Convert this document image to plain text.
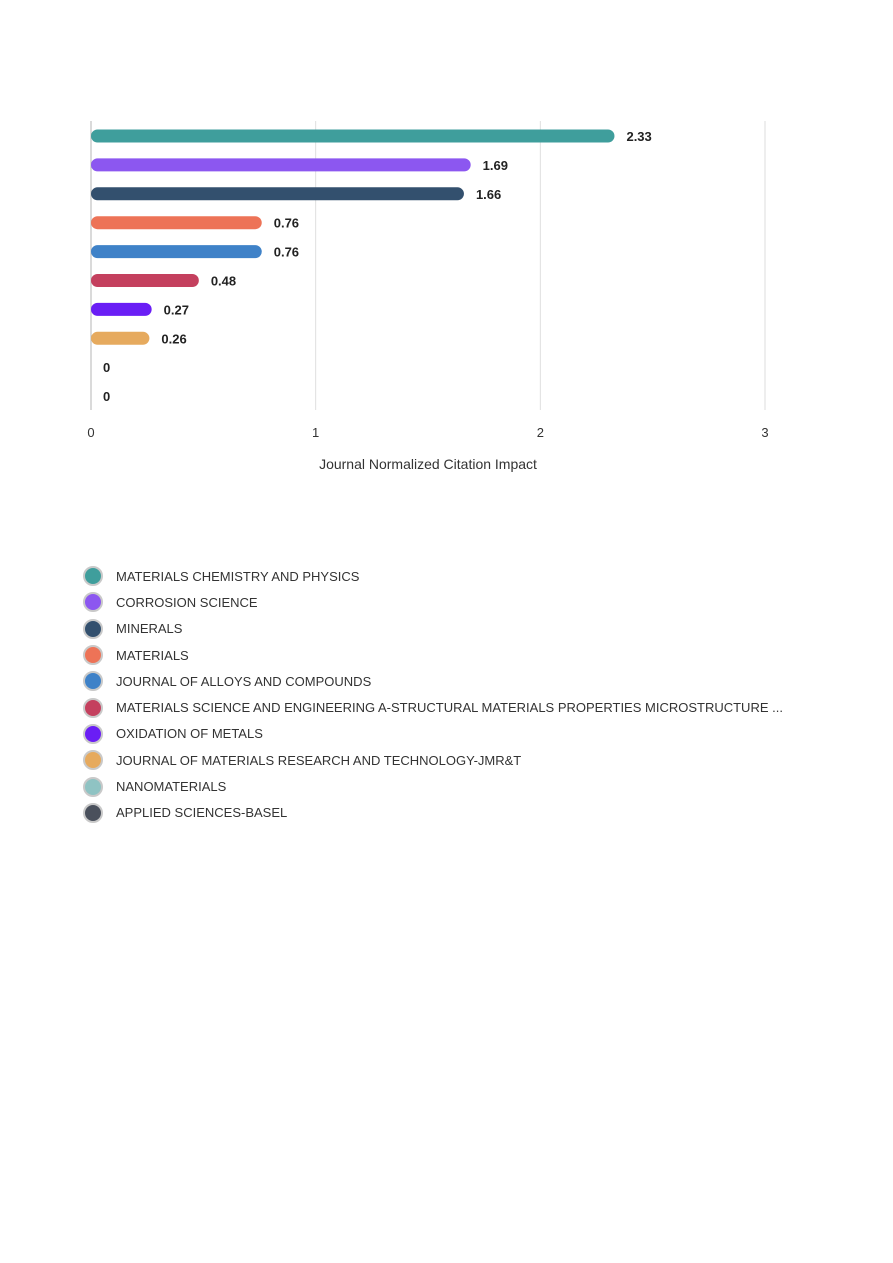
2.33
1.69
1.66
0.76
0.76
0.48
0.27
0.26
0
0
0	1	2	3
Journal Normalized Citation Impact
MATERIALS CHEMISTRY AND PHYSICS
CORROSION SCIENCE
MINERALS
MATERIALS
JOURNAL OF ALLOYS AND COMPOUNDS
MATERIALS SCIENCE AND ENGINEERING A-STRUCTURAL MATERIALS PROPERTIES MICROSTRUCTURE ...
OXIDATION OF METALS
JOURNAL OF MATERIALS RESEARCH AND TECHNOLOGY-JMR&T
NANOMATERIALS
APPLIED SCIENCES-BASEL
